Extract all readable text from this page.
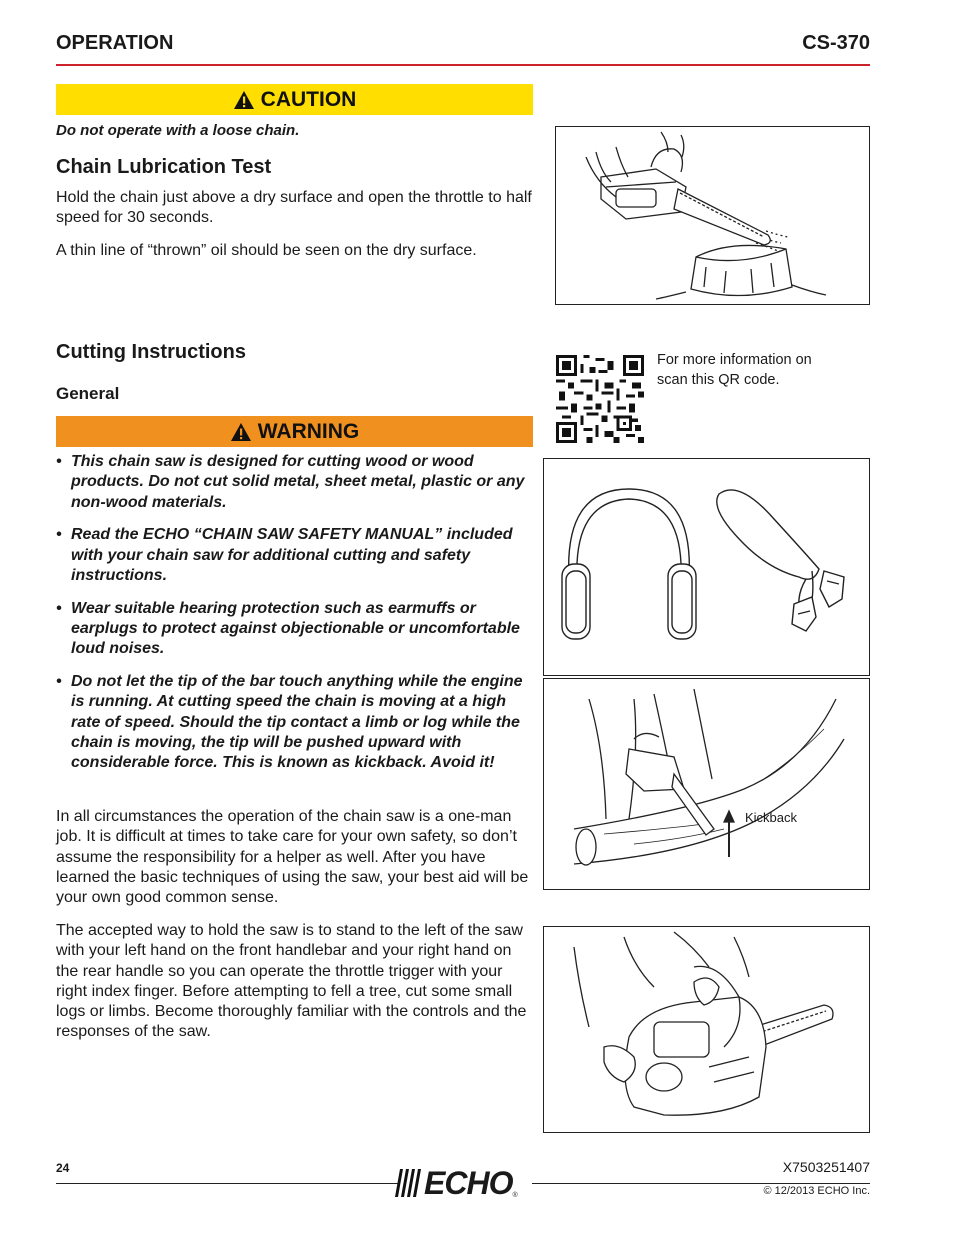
OPERATION	CS-370
CAUTION
Do not operate with a loose chain.
Chain Lubrication Test
Hold the chain just above a dry surface and open the throttle to half speed for 30 seconds.
A thin line of “thrown” oil should be seen on the dry surface.
Cutting Instructions
General
WARNING
• This chain saw is designed for cutting wood or wood products. Do not cut solid metal, sheet metal, plastic or any non-wood materials.
• Read the ECHO “CHAIN SAW SAFETY MANUAL” included with your chain saw for additional cutting and safety instructions.
• Wear suitable hearing protection such as earmuffs or earplugs to protect against objectionable or uncomfortable loud noises.
• Do not let the tip of the bar touch anything while the engine is running. At cutting speed the chain is moving at a high rate of speed. Should the tip contact a limb or log while the chain is moving, the tip will be pushed upward with considerable force. This is known as kickback. Avoid it!
In all circumstances the operation of the chain saw is a one-man job. It is difficult at times to take care for your own safety, so don’t assume the responsibility for a helper as well. After you have learned the basic techniques of using the saw, your best aid will be your own good common sense.
The accepted way to hold the saw is to stand to the left of the saw with your left hand on the front handlebar and your right hand on the rear handle so you can operate the throttle trigger with your right index finger. Before attempting to fell a tree, cut some small logs or limbs. Become thoroughly familiar with the controls and the responses of the saw.
For more information on
scan this QR code.
Kickback
24	ECHO ®
X7503251407
© 12/2013 ECHO Inc.
